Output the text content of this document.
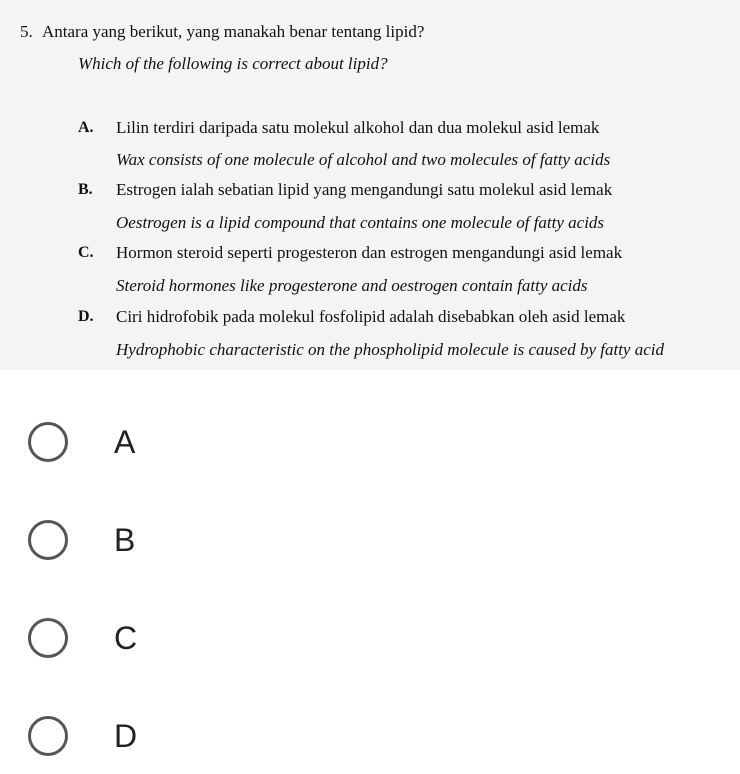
5. Antara yang berikut, yang manakah benar tentang lipid?
Which of the following is correct about lipid?
A. Lilin terdiri daripada satu molekul alkohol dan dua molekul asid lemak
Wax consists of one molecule of alcohol and two molecules of fatty acids
B. Estrogen ialah sebatian lipid yang mengandungi satu molekul asid lemak
Oestrogen is a lipid compound that contains one molecule of fatty acids
C. Hormon steroid seperti progesteron dan estrogen mengandungi asid lemak
Steroid hormones like progesterone and oestrogen contain fatty acids
D. Ciri hidrofobik pada molekul fosfolipid adalah disebabkan oleh asid lemak
Hydrophobic characteristic on the phospholipid molecule is caused by fatty acid
A
B
C
D
